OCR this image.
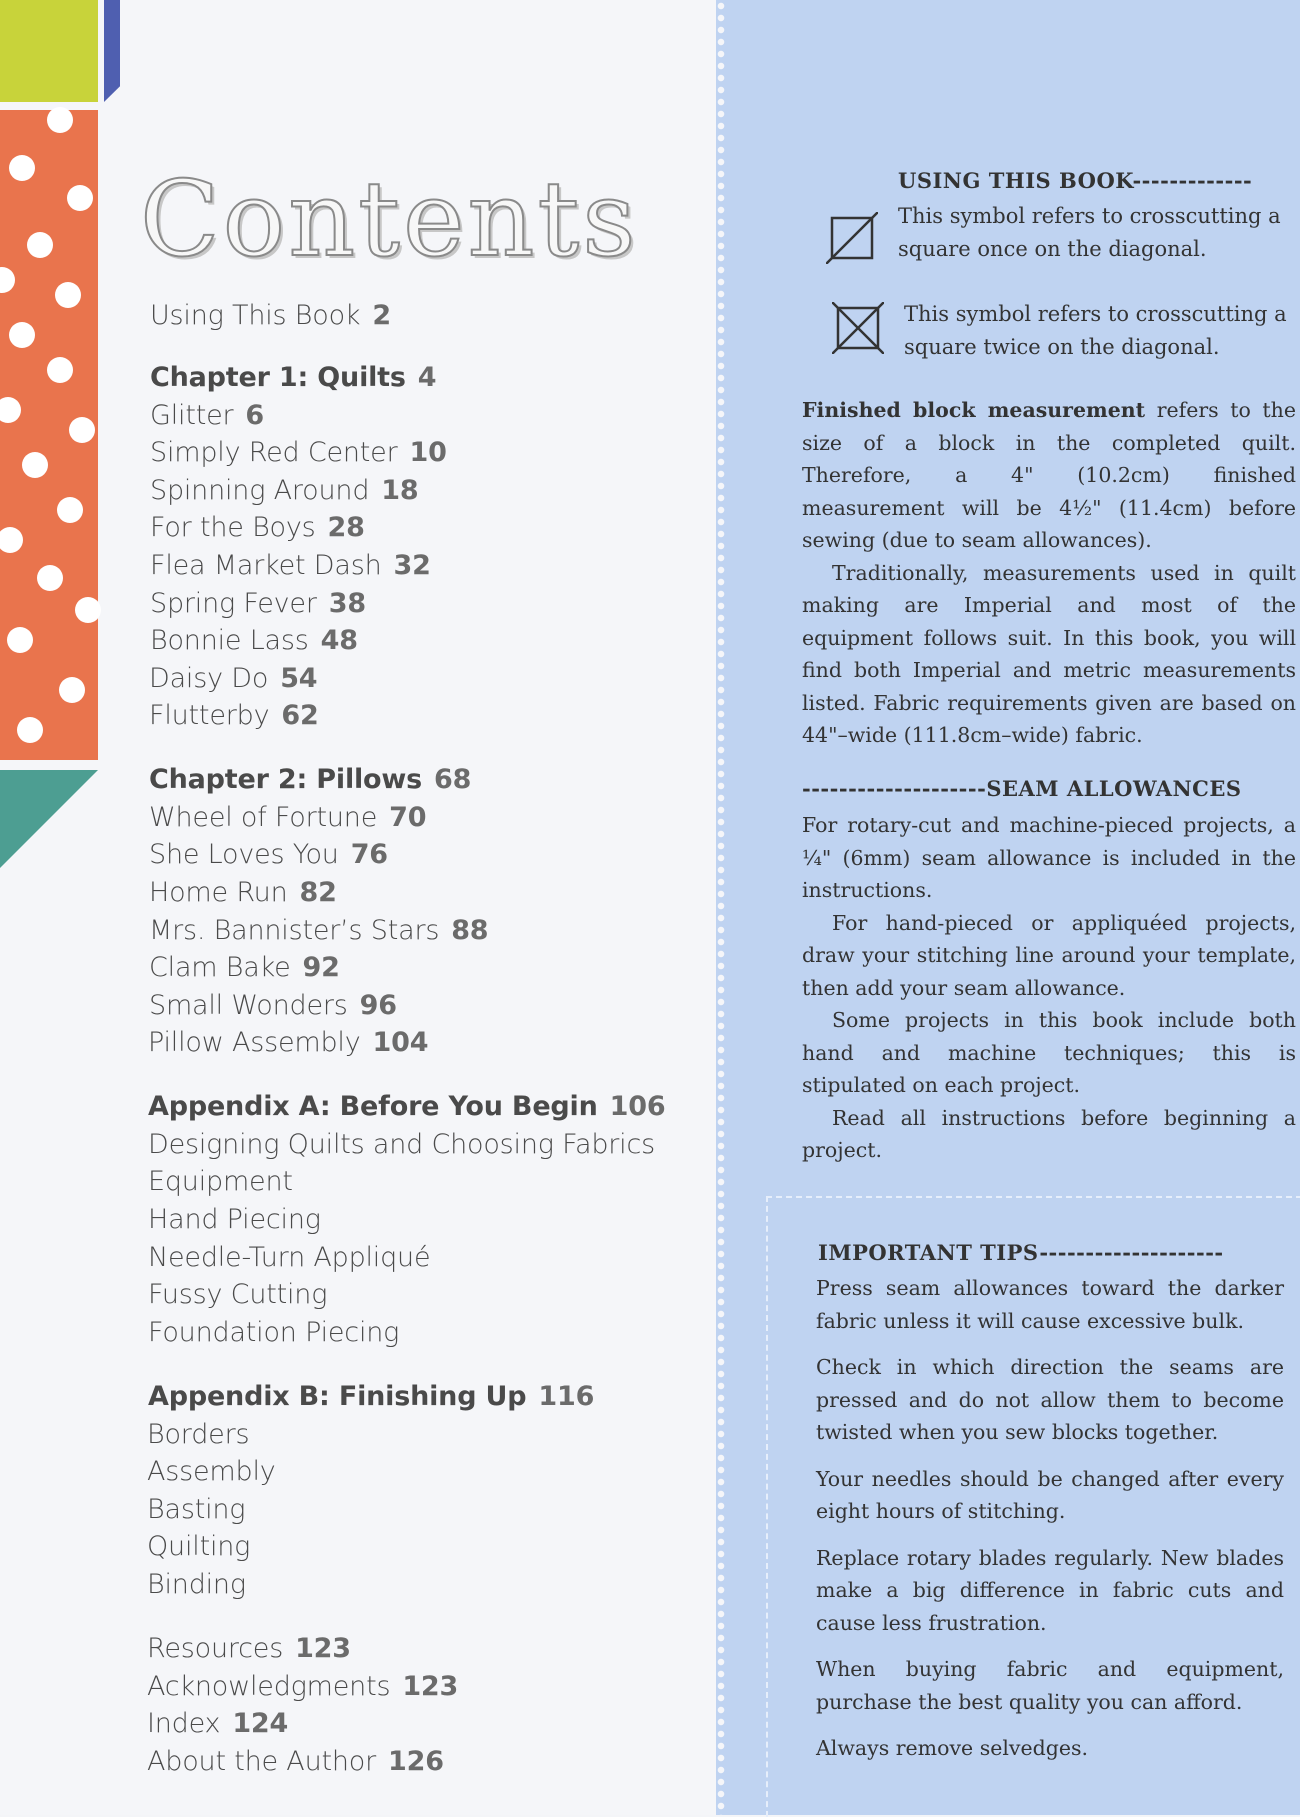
Contents
Using This Book 2
Chapter 1: Quilts 4
Glitter 6
Simply Red Center 10
Spinning Around 18
For the Boys 28
Flea Market Dash 32
Spring Fever 38
Bonnie Lass 48
Daisy Do 54
Flutterby 62
Chapter 2: Pillows 68
Wheel of Fortune 70
She Loves You 76
Home Run 82
Mrs. Bannister’s Stars 88
Clam Bake 92
Small Wonders 96
Pillow Assembly 104
Appendix A: Before You Begin 106
Designing Quilts and Choosing Fabrics
Equipment
Hand Piecing
Needle-Turn Appliqué
Fussy Cutting
Foundation Piecing
Appendix B: Finishing Up 116
Borders
Assembly
Basting
Quilting
Binding
Resources 123
Acknowledgments 123
Index 124
About the Author 126
USING THIS BOOK-------------
This symbol refers to crosscutting a square once on the diagonal.
This symbol refers to crosscutting a square twice on the diagonal.

Finished block measurement refers to the size of a block in the completed quilt. Therefore, a 4" (10.2cm) finished measurement will be 4½" (11.4cm) before sewing (due to seam allowances).

Traditionally, measurements used in quilt making are Imperial and most of the equipment follows suit. In this book, you will find both Imperial and metric measurements listed. Fabric requirements given are based on 44"–wide (111.8cm–wide) fabric.

--------------------SEAM ALLOWANCES

For rotary-cut and machine-pieced projects, a ¼" (6mm) seam allowance is included in the instructions.

For hand-pieced or appliquéed projects, draw your stitching line around your template, then add your seam allowance.

Some projects in this book include both hand and machine techniques; this is stipulated on each project.

Read all instructions before beginning a project.

IMPORTANT TIPS--------------------

Press seam allowances toward the darker fabric unless it will cause excessive bulk.

Check in which direction the seams are pressed and do not allow them to become twisted when you sew blocks together.

Your needles should be changed after every eight hours of stitching.

Replace rotary blades regularly. New blades make a big difference in fabric cuts and cause less frustration.

When buying fabric and equipment, purchase the best quality you can afford.

Always remove selvedges.
